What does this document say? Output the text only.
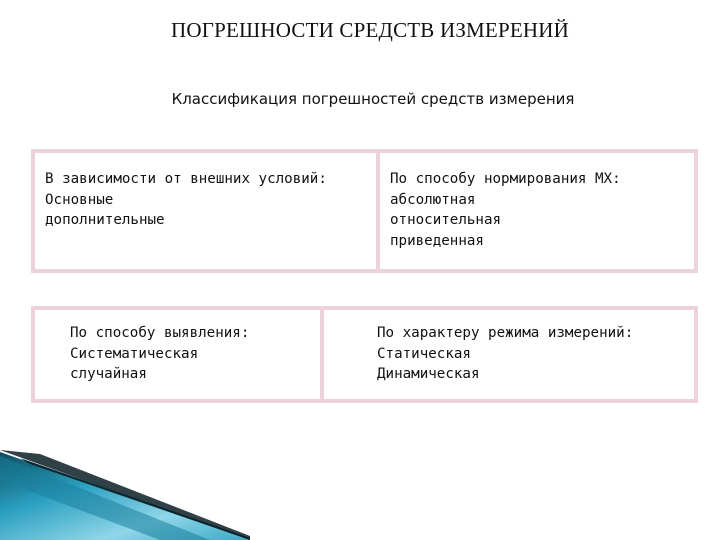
ПОГРЕШНОСТИ СРЕДСТВ ИЗМЕРЕНИЙ
Классификация погрешностей средств измерения
В зависимости от внешних условий:
Основные
дополнительные
По способу нормирования МХ:
абсолютная
относительная
приведенная
По способу выявления:
Систематическая
случайная
По характеру режима измерений:
Статическая
Динамическая
